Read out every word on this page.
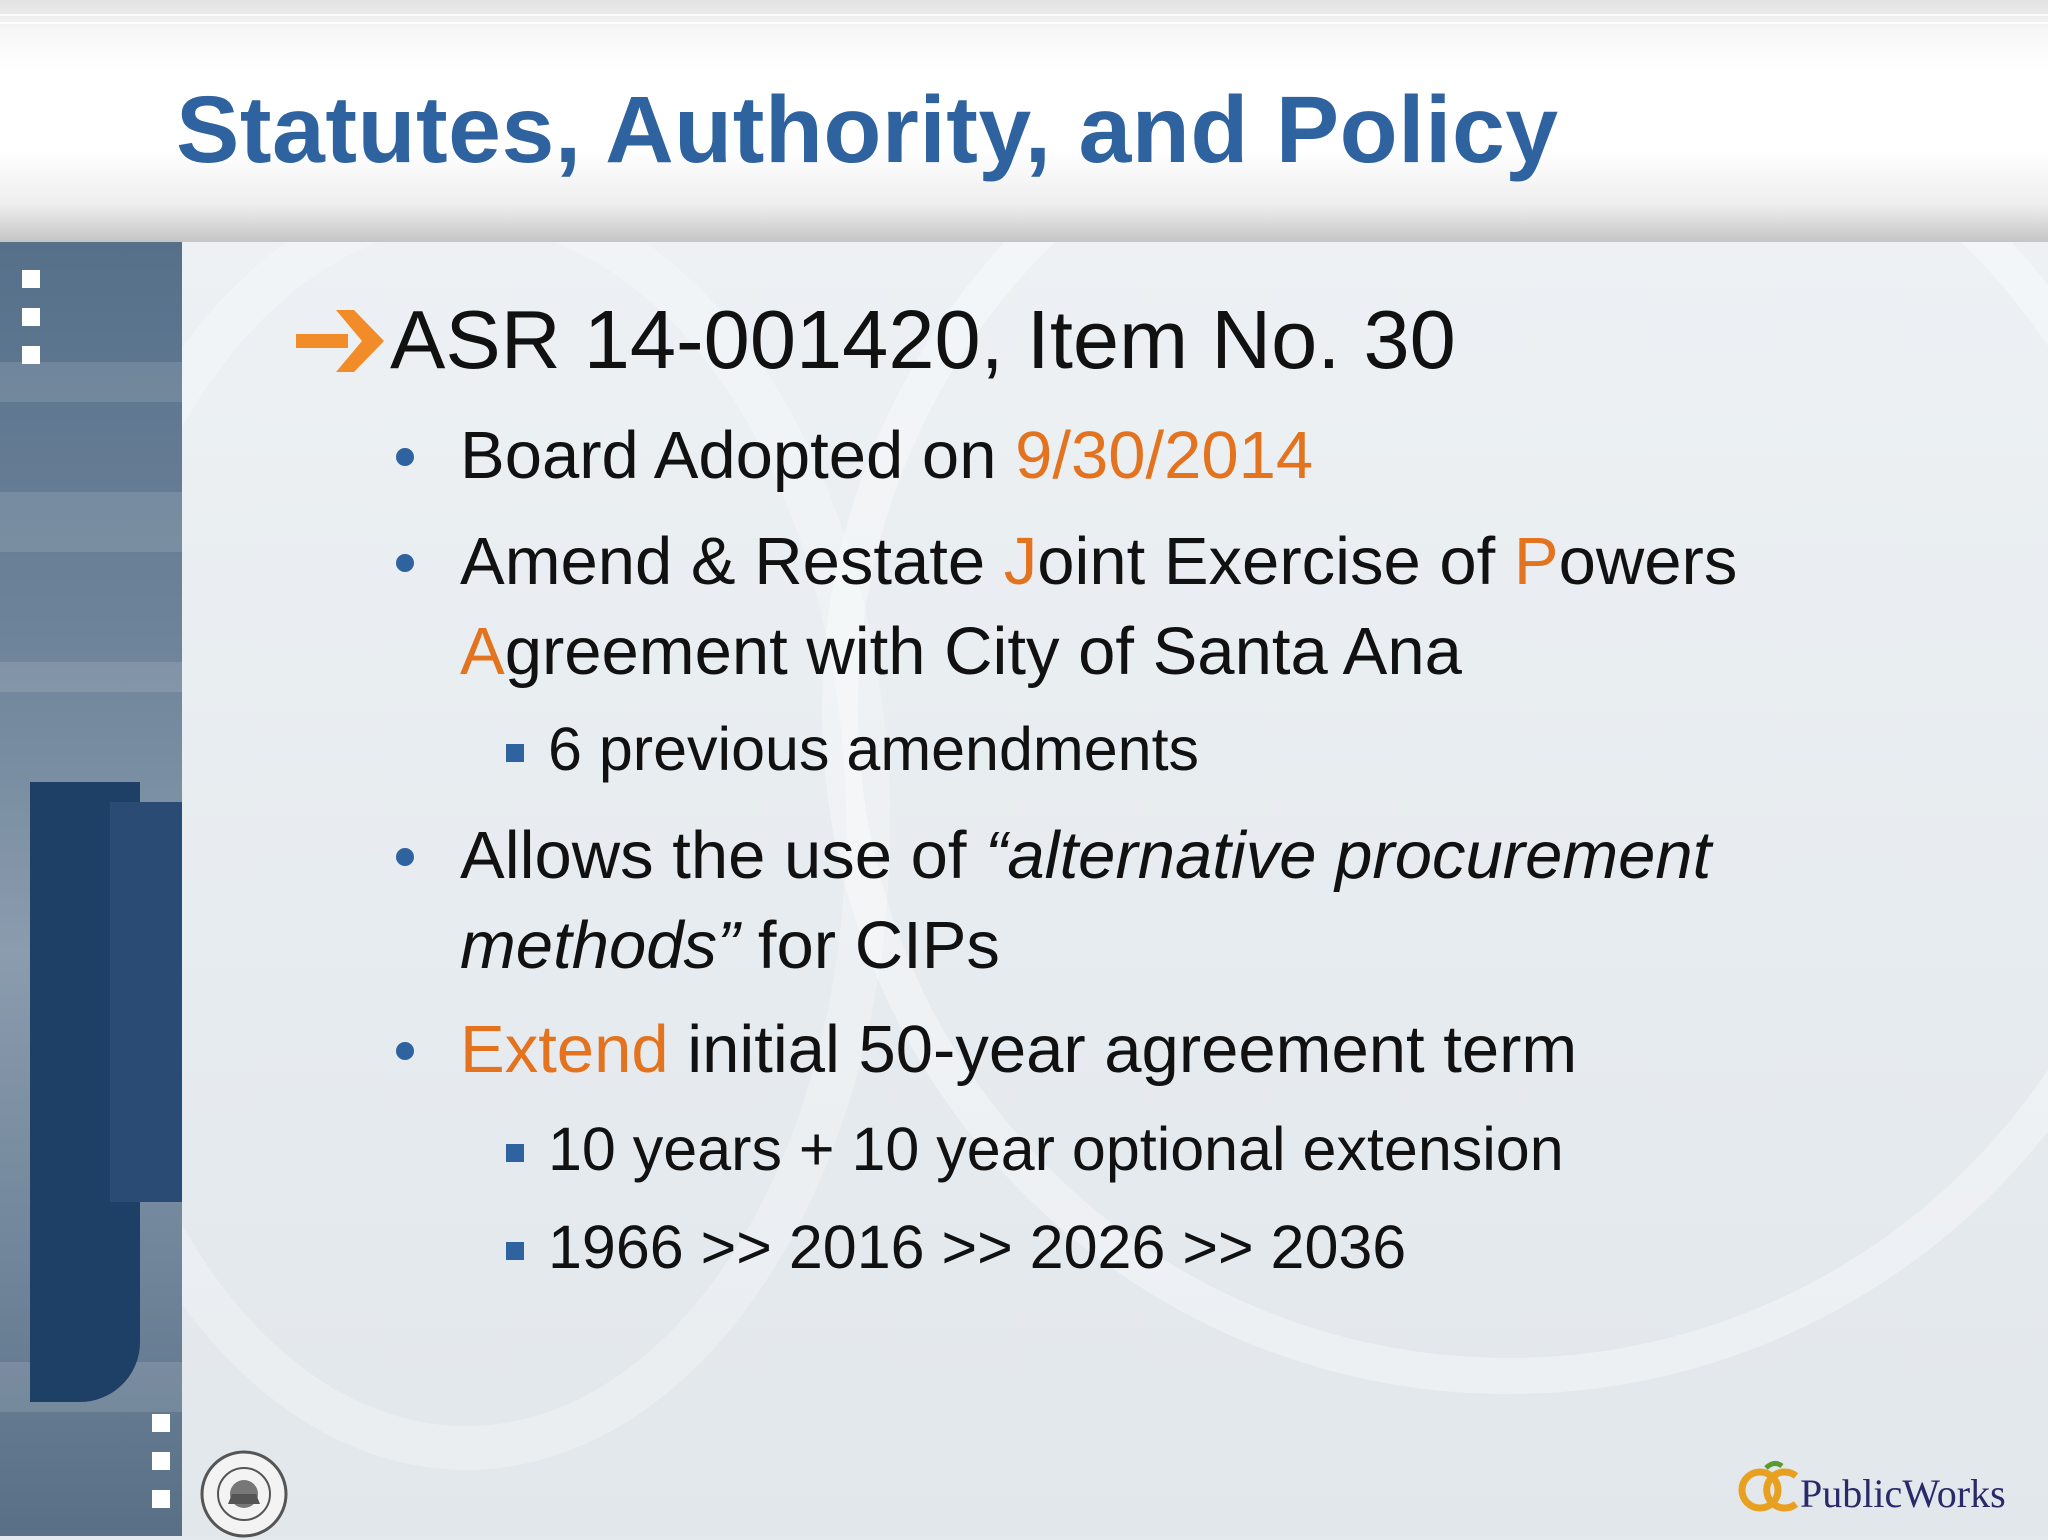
Statutes, Authority, and Policy
ASR 14-001420, Item No. 30
Board Adopted on 9/30/2014
Amend & Restate Joint Exercise of Powers
Agreement with City of Santa Ana
6 previous amendments
Allows the use of “alternative procurement
methods” for CIPs
Extend initial 50-year agreement term
10 years + 10 year optional extension
1966 >> 2016 >> 2026 >> 2036
PublicWorks
